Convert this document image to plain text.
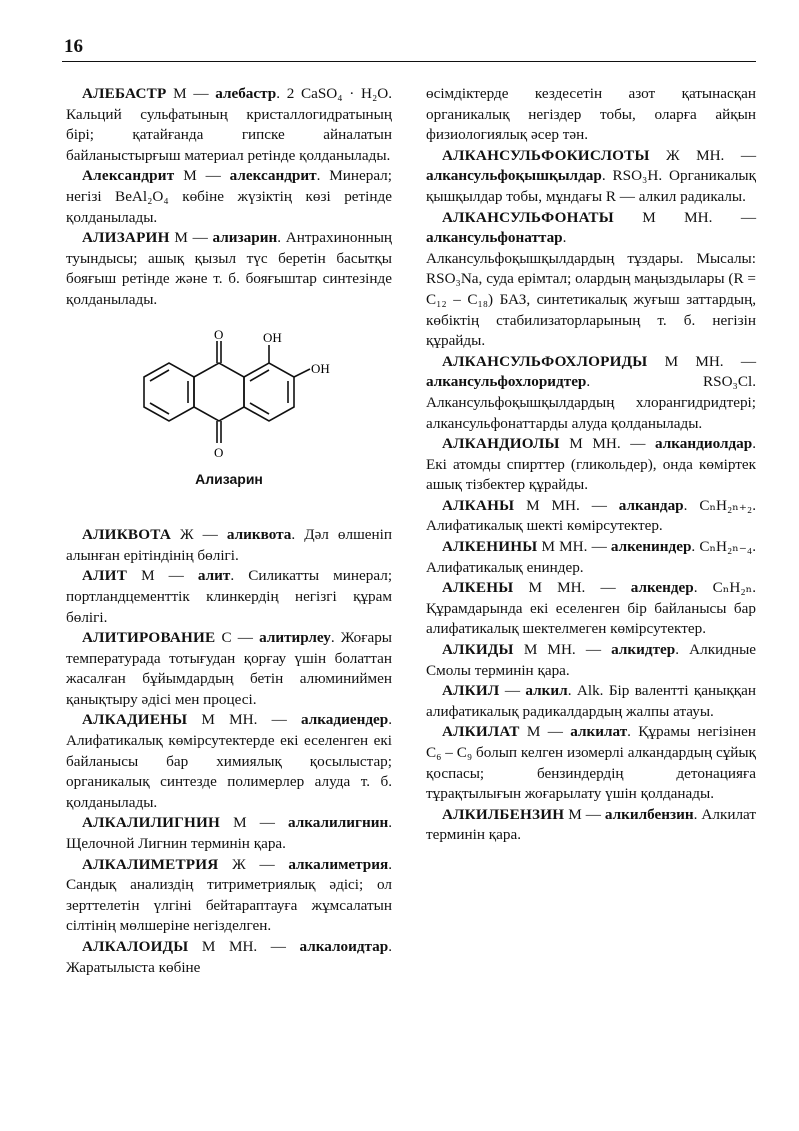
16

АЛЕБАСТР М — алебастр. 2 CaSO₄ · H₂O. Кальций сульфатының кристаллогидратының бірі; қатайғанда гипске айналатын байланыстырғыш материал ретінде қолданылады.

Александрит М — александрит. Минерал; негізі BeAl₂O₄ көбіне жүзіктің көзі ретінде қолданылады.

АЛИЗАРИН М — ализарин. Антрахинонның туындысы; ашық қызыл түс беретін басытқы бояғыш ретінде және т. б. бояғыштар синтезінде қолданылады.

O
O
OH
OH
Ализарин

АЛИКВОТА Ж — аликвота. Дәл өлшеніп алынған ерітіндінің бөлігі.

АЛИТ М — алит. Силикатты минерал; портландцементтік клинкердің негізгі құрам бөлігі.

АЛИТИРОВАНИЕ С — алитирлеу. Жоғары температурада тотығудан қорғау үшін болаттан жасалған бұйымдардың бетін алюминиймен қанықтыру әдісі мен процесі.

АЛКАДИЕНЫ М МН. — алкадиендер. Алифатикалық көмірсутектерде екі еселенген екі байланысы бар химиялық қосылыстар; органикалық синтезде полимерлер алуда т. б. қолданылады.

АЛКАЛИЛИГНИН М — алкалилигнин. Щелочной Лигнин терминін қара.

АЛКАЛИМЕТРИЯ Ж — алкалиметрия. Сандық анализдің титриметриялық әдісі; ол зерттелетін үлгіні бейтараптауға жұмсалатын сілтінің мөлшеріне негізделген.

АЛКАЛОИДЫ М МН. — алкалоидтар. Жаратылыста көбіне

өсімдіктерде кездесетін азот қатынасқан органикалық негіздер тобы, оларға айқын физиологиялық әсер тән.

АЛКАНСУЛЬФОКИСЛОТЫ Ж МН. — алкансульфоқышқылдар. RSO₃H. Органикалық қышқылдар тобы, мұндағы R — алкил радикалы.

АЛКАНСУЛЬФОНАТЫ М МН. — алкансульфонаттар. Алкансульфоқышқылдардың тұздары. Мысалы: RSO₃Na, суда ерімтал; олардың маңыздылары (R = C₁₂ – C₁₈) БАЗ, синтетикалық жуғыш заттардың, көбіктің стабилизаторларының т. б. негізін құрайды.

АЛКАНСУЛЬФОХЛОРИДЫ М МН. — алкансульфохлоридтер. RSO₃Cl. Алкансульфоқышқылдардың хлорангидридтері; алкансульфонаттарды алуда қолданылады.

АЛКАНДИОЛЫ М МН. — алкандиолдар. Екі атомды спирттер (гликольдер), онда көміртек ашық тізбектер құрайды.

АЛКАНЫ М МН. — алкандар. CₙH₂ₙ₊₂. Алифатикалық шекті көмірсутектер.

АЛКЕНИНЫ М МН. — алкениндер. CₙH₂ₙ₋₄. Алифатикалық ениндер.

АЛКЕНЫ М МН. — алкендер. CₙH₂ₙ. Құрамдарында екі еселенген бір байланысы бар алифатикалық шектелмеген көмірсутектер.

АЛКИДЫ М МН. — алкидтер. Алкидные Смолы терминін қара.

АЛКИЛ — алкил. Alk. Бір валентті қаныққан алифатикалық радикалдардың жалпы атауы.

АЛКИЛАТ М — алкилат. Құрамы негізінен C₆ – C₉ болып келген изомерлі алкандардың сұйық қоспасы; бензиндердің детонацияға тұрақтылығын жоғарылату үшін қолданады.

АЛКИЛБЕНЗИН М — алкилбензин. Алкилат терминін қара.
